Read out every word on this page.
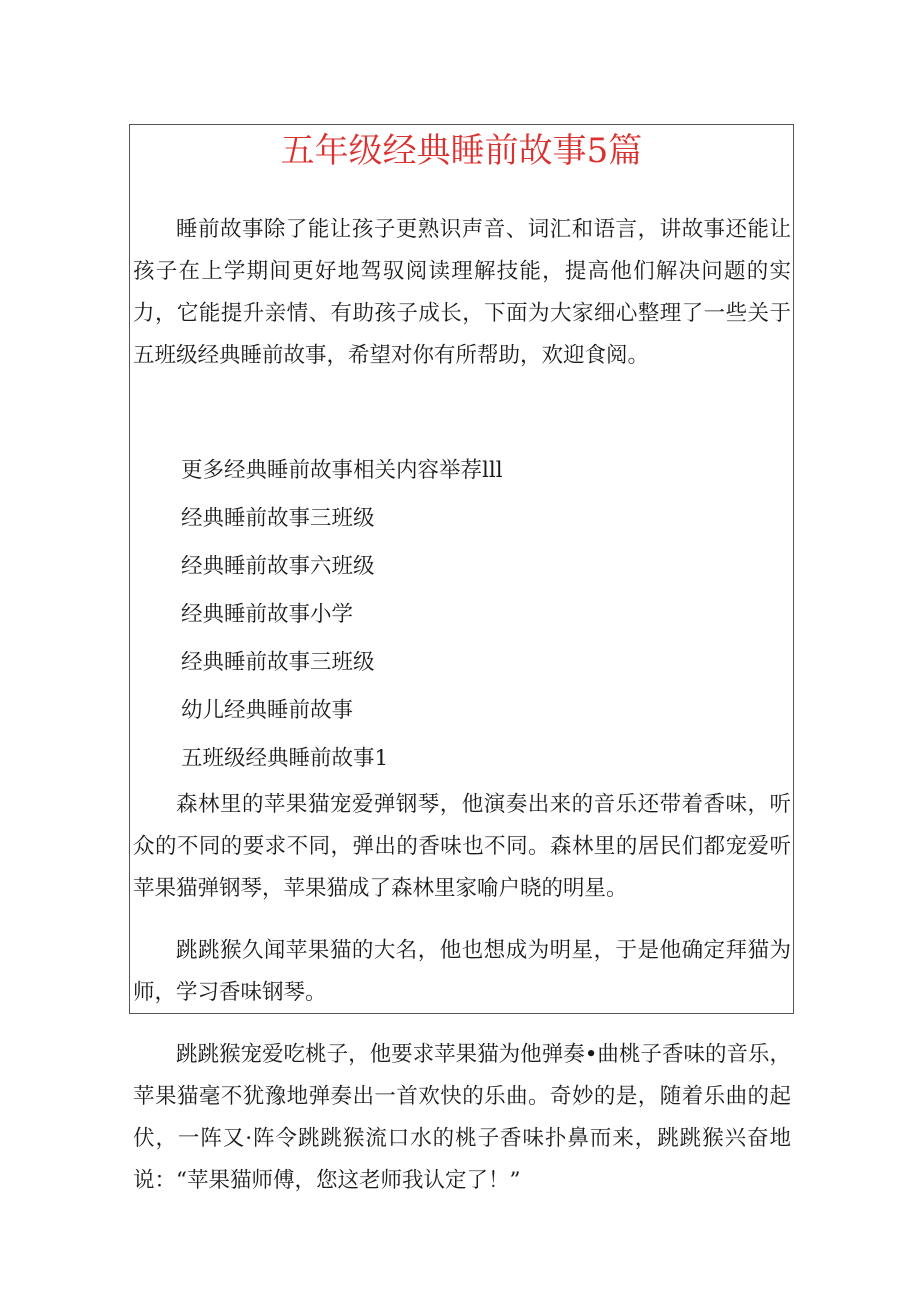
五年级经典睡前故事5篇

睡前故事除了能让孩子更熟识声音、词汇和语言，讲故事还能让孩子在上学期间更好地驾驭阅读理解技能，提高他们解决问题的实力，它能提升亲情、有助孩子成长，下面为大家细心整理了一些关于五班级经典睡前故事，希望对你有所帮助，欢迎食阅。

更多经典睡前故事相关内容举荐lll

经典睡前故事三班级

经典睡前故事六班级

经典睡前故事小学

经典睡前故事三班级

幼儿经典睡前故事

五班级经典睡前故事1

森林里的苹果猫宠爱弹钢琴，他演奏出来的音乐还带着香味，听众的不同的要求不同，弹出的香味也不同。森林里的居民们都宠爱听苹果猫弹钢琴，苹果猫成了森林里家喻户晓的明星。

跳跳猴久闻苹果猫的大名，他也想成为明星，于是他确定拜猫为师，学习香味钢琴。

跳跳猴宠爱吃桃子，他要求苹果猫为他弹奏•曲桃子香味的音乐，苹果猫毫不犹豫地弹奏出一首欢快的乐曲。奇妙的是，随着乐曲的起伏，一阵又·阵令跳跳猴流口水的桃子香味扑鼻而来，跳跳猴兴奋地说：“苹果猫师傅，您这老师我认定了！”
